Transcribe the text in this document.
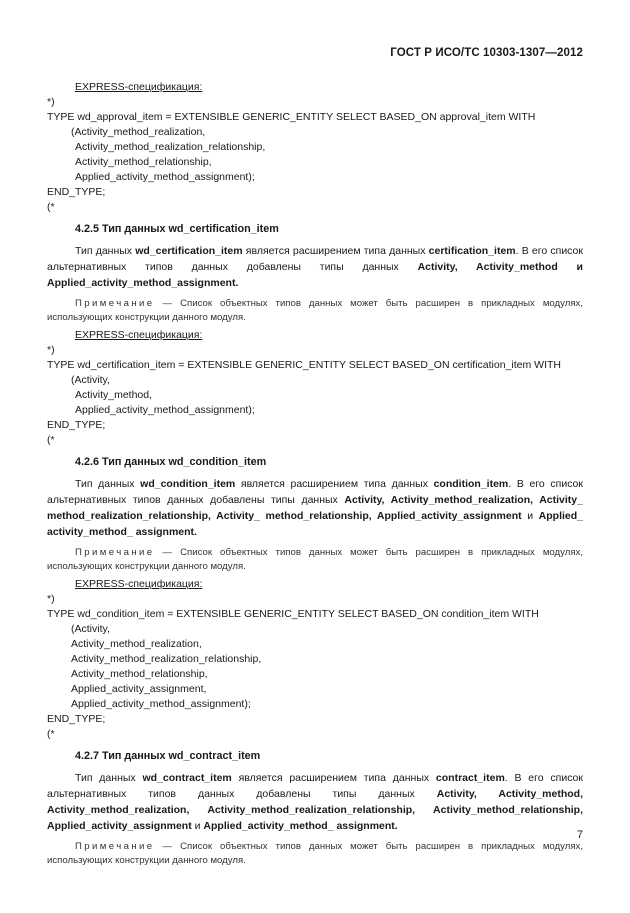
ГОСТ Р ИСО/ТС 10303-1307—2012
EXPRESS-спецификация:
*)
TYPE wd_approval_item = EXTENSIBLE GENERIC_ENTITY SELECT BASED_ON approval_item WITH
(Activity_method_realization,
Activity_method_realization_relationship,
Activity_method_relationship,
Applied_activity_method_assignment);
END_TYPE;
(*
4.2.5 Тип данных wd_certification_item
Тип данных wd_certification_item является расширением типа данных certification_item. В его список альтернативных типов данных добавлены типы данных Activity, Activity_method и Applied_activity_method_assignment.
Примечание — Список объектных типов данных может быть расширен в прикладных модулях, использующих конструкции данного модуля.
EXPRESS-спецификация:
*)
TYPE wd_certification_item = EXTENSIBLE GENERIC_ENTITY SELECT BASED_ON certification_item WITH
(Activity,
Activity_method,
Applied_activity_method_assignment);
END_TYPE;
(*
4.2.6 Тип данных wd_condition_item
Тип данных wd_condition_item является расширением типа данных condition_item. В его список альтернативных типов данных добавлены типы данных Activity, Activity_method_realization, Activity_ method_realization_relationship, Activity_ method_relationship, Applied_activity_assignment и Applied_ activity_method_ assignment.
Примечание — Список объектных типов данных может быть расширен в прикладных модулях, использующих конструкции данного модуля.
EXPRESS-спецификация:
*)
TYPE wd_condition_item = EXTENSIBLE GENERIC_ENTITY SELECT BASED_ON condition_item WITH
(Activity,
Activity_method_realization,
Activity_method_realization_relationship,
Activity_method_relationship,
Applied_activity_assignment,
Applied_activity_method_assignment);
END_TYPE;
(*
4.2.7 Тип данных wd_contract_item
Тип данных wd_contract_item является расширением типа данных contract_item. В его список альтернативных типов данных добавлены типы данных Activity, Activity_method, Activity_method_realization, Activity_method_realization_relationship, Activity_method_relationship, Applied_activity_assignment и Applied_activity_method_ assignment.
Примечание — Список объектных типов данных может быть расширен в прикладных модулях, использующих конструкции данного модуля.
7
